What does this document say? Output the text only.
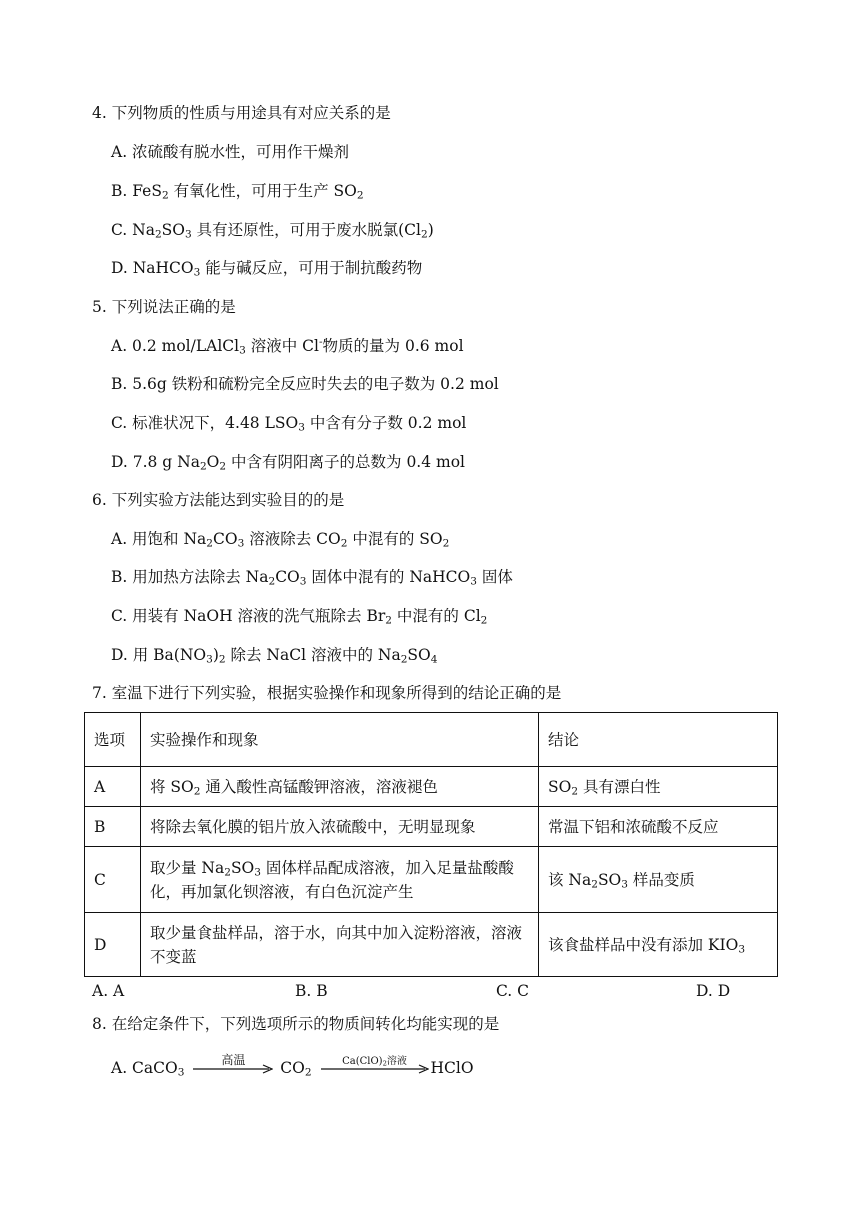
4. 下列物质的性质与用途具有对应关系的是
A. 浓硫酸有脱水性，可用作干燥剂
B. FeS$_2$ 有氧化性，可用于生产 $SO_2$
C. $Na_2SO_3$ 具有还原性，可用于废水脱氯$(Cl_2)$
D. NaHCO$_3$ 能与碱反应，可用于制抗酸药物
5. 下列说法正确的是
A. 0.2 mol/LAlCl$_3$ 溶液中 Cl-物质的量为 0.6 mol
B. 5.6g 铁粉和硫粉完全反应时失去的电子数为 0.2 mol
C. 标准状况下，4.48 $LSO_3$ 中含有分子数 0.2 mol
D. 7.8 g $Na_2O_2$ 中含有阴阳离子的总数为 0.4 mol
6. 下列实验方法能达到实验目的的是
A. 用饱和 $Na_2CO_3$ 溶液除去 $CO_2$ 中混有的 $SO_2$
B. 用加热方法除去 $Na_2CO_3$ 固体中混有的 NaHCO$_3$ 固体
C. 用装有 NaOH 溶液的洗气瓶除去 $Br_2$ 中混有的 $Cl_2$
D. 用 $Ba(NO_3)_2$ 除去 NaCl 溶液中的 $Na_2SO_4$
7. 室温下进行下列实验，根据实验操作和现象所得到的结论正确的是
选项	实验操作和现象	结论
A	将 $SO_2$ 通入酸性高锰酸钾溶液，溶液褪色	$SO_2$ 具有漂白性
B	将除去氧化膜的铝片放入浓硫酸中，无明显现象	常温下铝和浓硫酸不反应
C	取少量 $Na_2SO_3$ 固体样品配成溶液，加入足量盐酸酸化，再加氯化钡溶液，有白色沉淀产生	该 $Na_2SO_3$ 样品变质
D	取少量食盐样品，溶于水，向其中加入淀粉溶液，溶液不变蓝	该食盐样品中没有添加 $KIO_3$
A. A	B. B	C. C	D. D
8. 在给定条件下，下列选项所示的物质间转化均能实现的是
A. CaCO$_3$
高温	$CO_2$
$Ca(ClO)_2$溶液	HClO
